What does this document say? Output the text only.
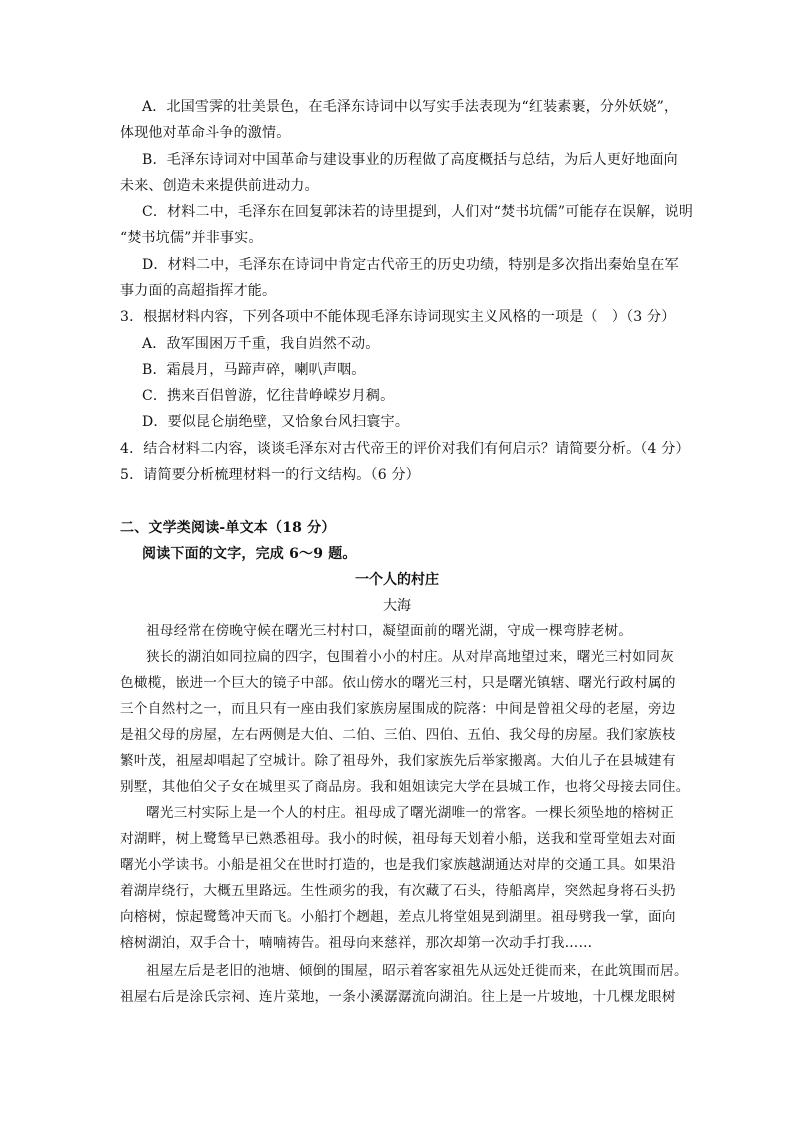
A．北国雪霁的壮美景色，在毛泽东诗词中以写实手法表现为“红装素裹，分外妖娆”，
体现他对革命斗争的激情。
B．毛泽东诗词对中国革命与建设事业的历程做了高度概括与总结，为后人更好地面向
未来、创造未来提供前进动力。
C．材料二中，毛泽东在回复郭沫若的诗里提到，人们对“焚书坑儒”可能存在误解，说明
“焚书坑儒”并非事实。
D．材料二中，毛泽东在诗词中肯定古代帝王的历史功绩，特别是多次指出秦始皇在军
事力面的高超指挥才能。
3．根据材料内容，下列各项中不能体现毛泽东诗词现实主义风格的一项是（　）（3 分）
A．敌军围困万千重，我自岿然不动。
B．霜晨月，马蹄声碎，喇叭声咽。
C．携来百侣曾游，忆往昔峥嵘岁月稠。
D．要似昆仑崩绝壁，又恰象台风扫寰宇。
4．结合材料二内容，谈谈毛泽东对古代帝王的评价对我们有何启示？请简要分析。（4 分）
5．请简要分析梳理材料一的行文结构。（6 分）
二、文学类阅读-单文本（18 分）
阅读下面的文字，完成 6～9 题。
一个人的村庄
大海
祖母经常在傍晚守候在曙光三村村口，凝望面前的曙光湖，守成一棵弯脖老树。
狭长的湖泊如同拉扁的四字，包围着小小的村庄。从对岸高地望过来，曙光三村如同灰
色橄榄，嵌进一个巨大的镜子中部。依山傍水的曙光三村，只是曙光镇辖、曙光行政村属的
三个自然村之一，而且只有一座由我们家族房屋围成的院落：中间是曾祖父母的老屋，旁边
是祖父母的房屋，左右两侧是大伯、二伯、三伯、四伯、五伯、我父母的房屋。我们家族枝
繁叶茂，祖屋却唱起了空城计。除了祖母外，我们家族先后举家搬离。大伯儿子在县城建有
别墅，其他伯父子女在城里买了商品房。我和姐姐读完大学在县城工作，也将父母接去同住。
曙光三村实际上是一个人的村庄。祖母成了曙光湖唯一的常客。一棵长须坠地的榕树正
对湖畔，树上鹭鸶早已熟悉祖母。我小的时候，祖母每天划着小船，送我和堂哥堂姐去对面
曙光小学读书。小船是祖父在世时打造的，也是我们家族越湖通达对岸的交通工具。如果沿
着湖岸绕行，大概五里路远。生性顽劣的我，有次藏了石头，待船离岸，突然起身将石头扔
向榕树，惊起鹭鸶冲天而飞。小船打个趔趄，差点儿将堂姐晃到湖里。祖母劈我一掌，面向
榕树湖泊，双手合十，喃喃祷告。祖母向来慈祥，那次却第一次动手打我……
祖屋左后是老旧的池塘、倾倒的围屋，昭示着客家祖先从远处迁徙而来，在此筑围而居。
祖屋右后是涂氏宗祠、连片菜地，一条小溪潺潺流向湖泊。往上是一片坡地，十几棵龙眼树
